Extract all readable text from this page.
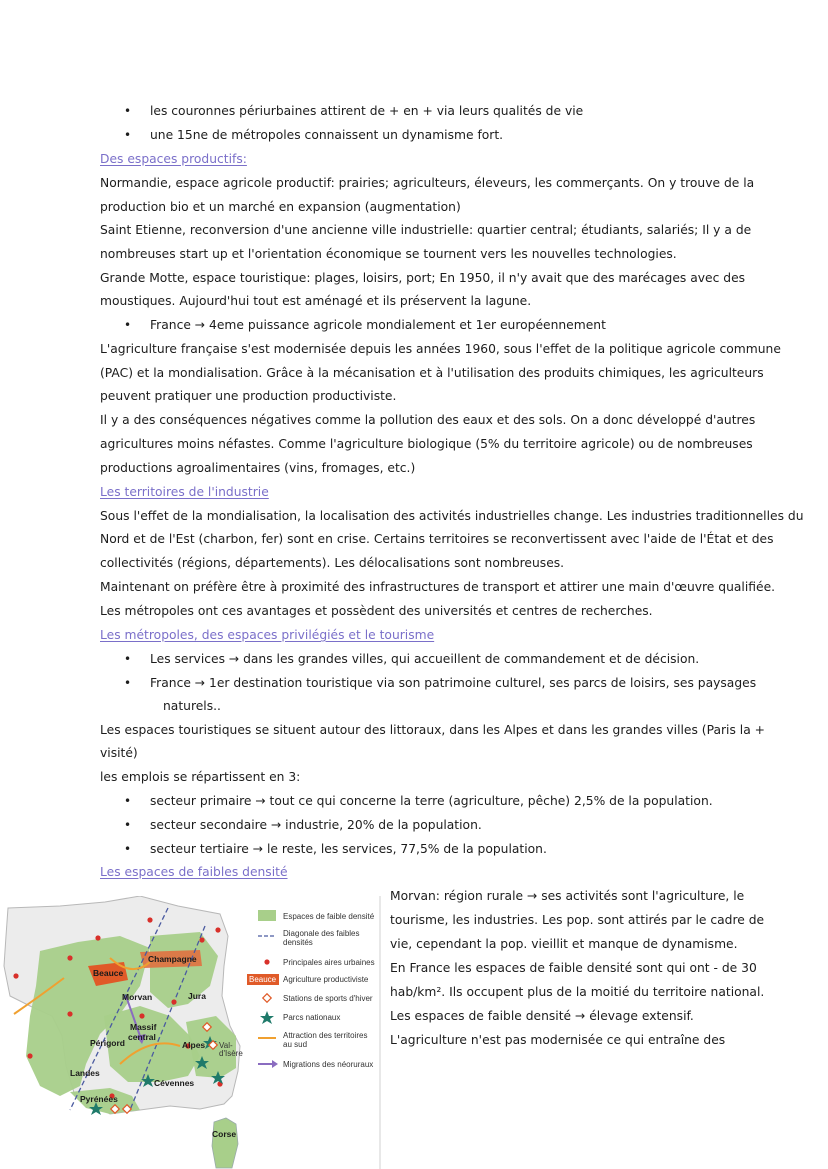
• les couronnes périurbaines attirent de + en + via leurs qualités de vie
• une 15ne de métropoles connaissent un dynamisme fort.
Des espaces productifs:
Normandie, espace agricole productif: prairies; agriculteurs, éleveurs, les commerçants. On y trouve de la
production bio et un marché en expansion (augmentation)
Saint Etienne, reconversion d'une ancienne ville industrielle: quartier central; étudiants, salariés; Il y a de
nombreuses start up et l'orientation économique se tournent vers les nouvelles technologies.
Grande Motte, espace touristique: plages, loisirs, port; En 1950, il n'y avait que des marécages avec des
moustiques. Aujourd'hui tout est aménagé et ils préservent la lagune.
• France → 4eme puissance agricole mondialement et 1er européennement
L'agriculture française s'est modernisée depuis les années 1960, sous l'effet de la politique agricole commune
(PAC) et la mondialisation. Grâce à la mécanisation et à l'utilisation des produits chimiques, les agriculteurs
peuvent pratiquer une production productiviste.
Il y a des conséquences négatives comme la pollution des eaux et des sols. On a donc développé d'autres
agricultures moins néfastes. Comme l'agriculture biologique (5% du territoire agricole) ou de nombreuses
productions agroalimentaires (vins, fromages, etc.)
Les territoires de l'industrie
Sous l'effet de la mondialisation, la localisation des activités industrielles change. Les industries traditionnelles du
Nord et de l'Est (charbon, fer) sont en crise. Certains territoires se reconvertissent avec l'aide de l'État et des
collectivités (régions, départements). Les délocalisations sont nombreuses.
Maintenant on préfère être à proximité des infrastructures de transport et attirer une main d'œuvre qualifiée.
Les métropoles ont ces avantages et possèdent des universités et centres de recherches.
Les métropoles, des espaces privilégiés et le tourisme
• Les services → dans les grandes villes, qui accueillent de commandement et de décision.
• France → 1er destination touristique via son patrimoine culturel, ses parcs de loisirs, ses paysages
naturels..
Les espaces touristiques se situent autour des littoraux, dans les Alpes et dans les grandes villes (Paris la +
visité)
les emplois se répartissent en 3:
• secteur primaire → tout ce qui concerne la terre (agriculture, pêche) 2,5% de la population.
• secteur secondaire → industrie, 20% de la population.
• secteur tertiaire → le reste, les services, 77,5% de la population.
Les espaces de faibles densité
Morvan: région rurale → ses activités sont l'agriculture, le
tourisme, les industries. Les pop. sont attirés par le cadre de
vie, cependant la pop. vieillit et manque de dynamisme.
En France les espaces de faible densité sont qui ont - de 30
hab/km². Ils occupent plus de la moitié du territoire national.
Les espaces de faible densité → élevage extensif.
L'agriculture n'est pas modernisée ce qui entraîne des
Beauce
Champagne
Morvan	Jura
Massif
central
Périgord	Alpes Val-
d'Isère
Landes
Cévennes
Pyrénées
Corse
Espaces de faible densité
Diagonale des faibles
densités
Principales aires urbaines
Beauce Agriculture productiviste
Stations de sports d'hiver
Parcs nationaux
Attraction des territoires
au sud
Migrations des néoruraux
